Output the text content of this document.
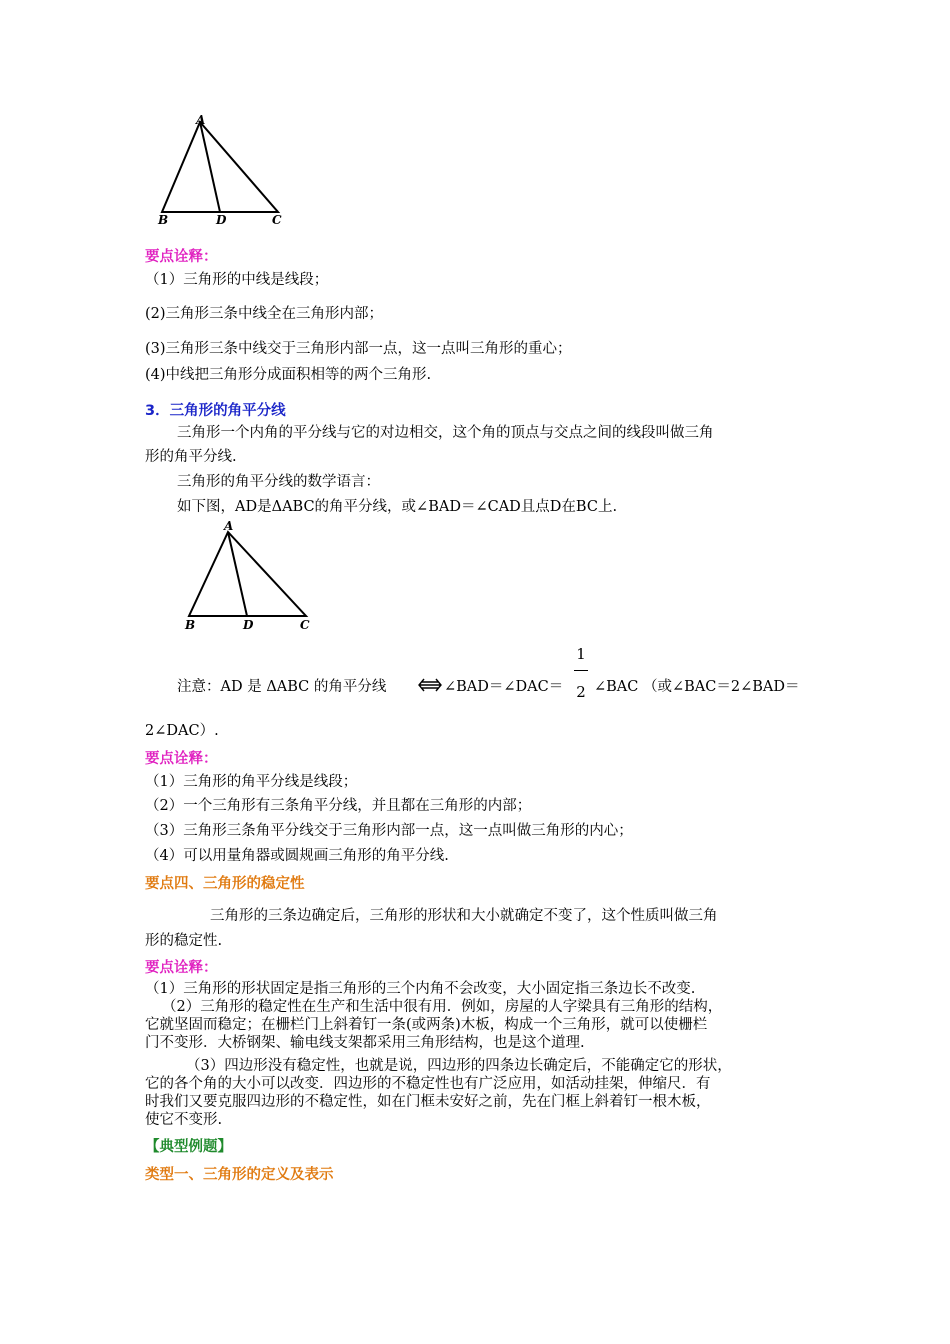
A
B	D	C
要点诠释：
（1）三角形的中线是线段；
(2)三角形三条中线全在三角形内部；
(3)三角形三条中线交于三角形内部一点，这一点叫三角形的重心；
(4)中线把三角形分成面积相等的两个三角形.
3．三角形的角平分线
三角形一个内角的平分线与它的对边相交，这个角的顶点与交点之间的线段叫做三角
形的角平分线.
三角形的角平分线的数学语言：
如下图，AD是ΔABC的角平分线，或∠BAD＝∠CAD且点D在BC上.
A
B	D	C
注意：AD 是 ΔABC 的角平分线	∠BAD＝∠DAC＝
1
2 ∠BAC （或∠BAC＝2∠BAD＝
2∠DAC）.
要点诠释：
（1）三角形的角平分线是线段；
（2）一个三角形有三条角平分线，并且都在三角形的内部；
（3）三角形三条角平分线交于三角形内部一点，这一点叫做三角形的内心；
（4）可以用量角器或圆规画三角形的角平分线.
要点四、三角形的稳定性
三角形的三条边确定后，三角形的形状和大小就确定不变了，这个性质叫做三角
形的稳定性.
要点诠释：
（1）三角形的形状固定是指三角形的三个内角不会改变，大小固定指三条边长不改变.
（2）三角形的稳定性在生产和生活中很有用．例如，房屋的人字梁具有三角形的结构，
它就坚固而稳定；在栅栏门上斜着钉一条(或两条)木板，构成一个三角形，就可以使栅栏
门不变形．大桥钢架、输电线支架都采用三角形结构，也是这个道理.
（3）四边形没有稳定性，也就是说，四边形的四条边长确定后，不能确定它的形状，
它的各个角的大小可以改变．四边形的不稳定性也有广泛应用，如活动挂架，伸缩尺．有
时我们又要克服四边形的不稳定性，如在门框未安好之前，先在门框上斜着钉一根木板，
使它不变形.
【典型例题】
类型一、三角形的定义及表示
